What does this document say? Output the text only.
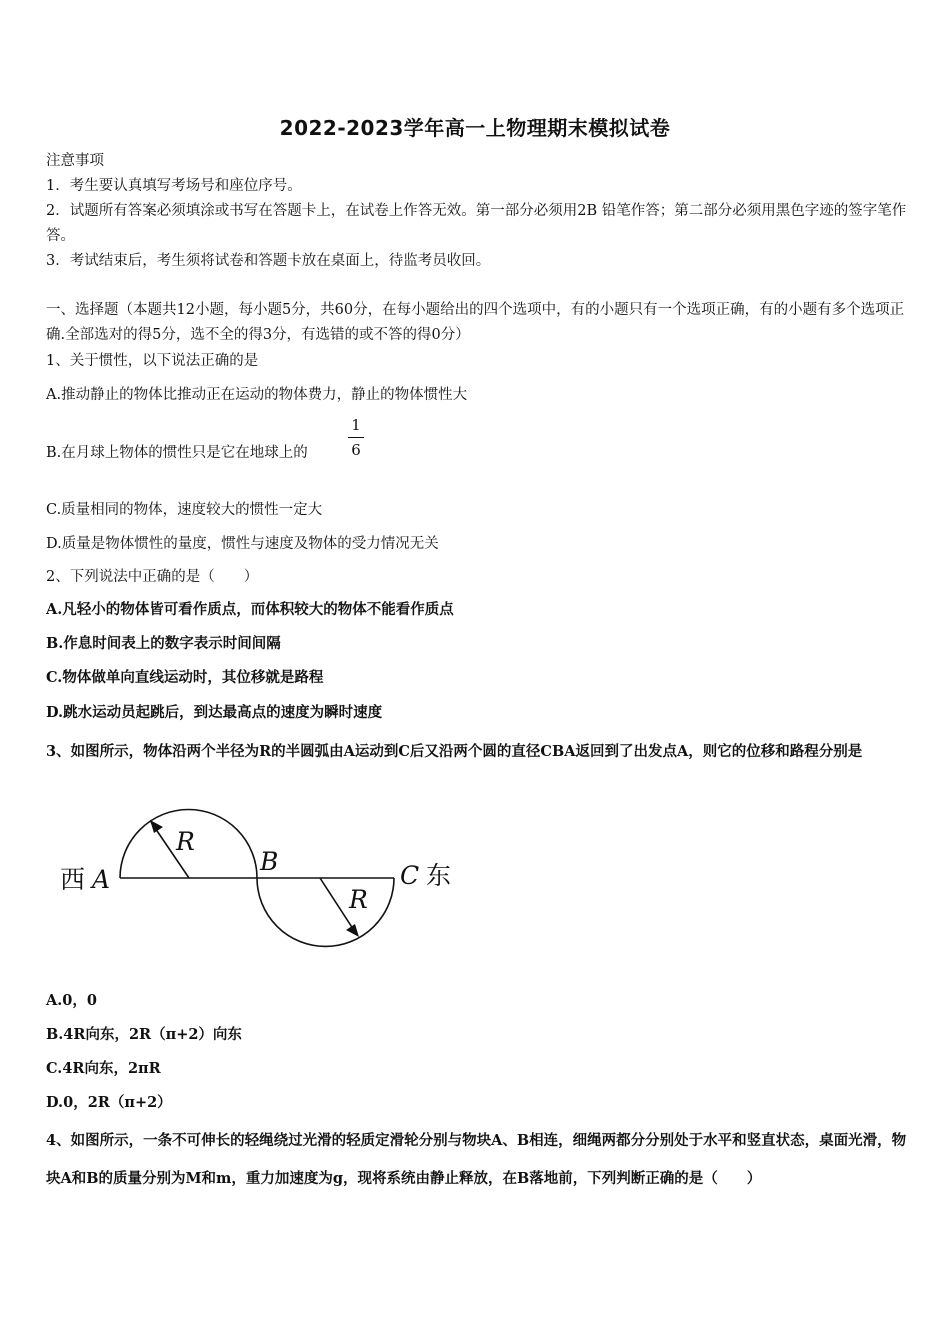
2022-2023学年高一上物理期末模拟试卷
注意事项
1．考生要认真填写考场号和座位序号。
2．试题所有答案必须填涂或书写在答题卡上，在试卷上作答无效。第一部分必须用2B 铅笔作答；第二部分必须用黑色字迹的签字笔作答。
3．考试结束后，考生须将试卷和答题卡放在桌面上，待监考员收回。
一、选择题（本题共12小题，每小题5分，共60分，在每小题给出的四个选项中，有的小题只有一个选项正确，有的小题有多个选项正确.全部选对的得5分，选不全的得3分，有选错的或不答的得0分）
1、关于惯性，以下说法正确的是
A.推动静止的物体比推动正在运动的物体费力，静止的物体惯性大
B.在月球上物体的惯性只是它在地球上的
1
6
C.质量相同的物体，速度较大的惯性一定大
D.质量是物体惯性的量度，惯性与速度及物体的受力情况无关
2、下列说法中正确的是（　　）
A.凡轻小的物体皆可看作质点，而体积较大的物体不能看作质点
B.作息时间表上的数字表示时间间隔
C.物体做单向直线运动时，其位移就是路程
D.跳水运动员起跳后，到达最高点的速度为瞬时速度
3、如图所示，物体沿两个半径为R的半圆弧由A运动到C后又沿两个圆的直径CBA返回到了出发点A，则它的位移和路程分别是
西 A
B	C 东
R
R
A.0，0
B.4R向东，2R（π+2）向东
C.4R向东，2πR
D.0，2R（π+2）
4、如图所示，一条不可伸长的轻绳绕过光滑的轻质定滑轮分别与物块A、B相连，细绳两都分分别处于水平和竖直状态，桌面光滑，物块A和B的质量分别为M和m，重力加速度为g，现将系统由静止释放，在B落地前，下列判断正确的是（　　）
